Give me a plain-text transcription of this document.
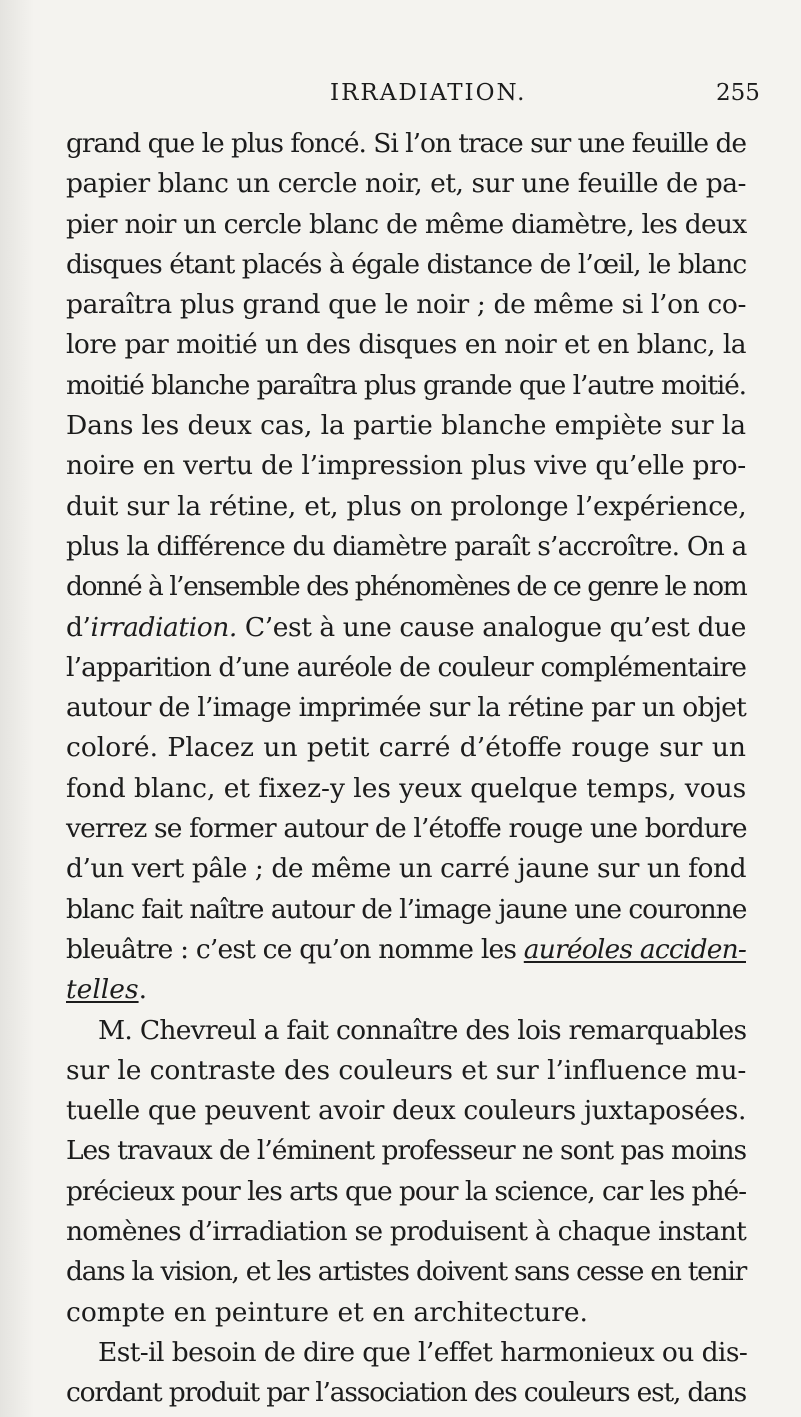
IRRADIATION.	255
grand que le plus foncé. Si l’on trace sur une feuille de
papier blanc un cercle noir, et, sur une feuille de pa-
pier noir un cercle blanc de même diamètre, les deux
disques étant placés à égale distance de l’œil, le blanc
paraîtra plus grand que le noir ; de même si l’on co-
lore par moitié un des disques en noir et en blanc, la
moitié blanche paraîtra plus grande que l’autre moitié.
Dans les deux cas, la partie blanche empiète sur la
noire en vertu de l’impression plus vive qu’elle pro-
duit sur la rétine, et, plus on prolonge l’expérience,
plus la différence du diamètre paraît s’accroître. On a
donné à l’ensemble des phénomènes de ce genre le nom
d’irradiation. C’est à une cause analogue qu’est due
l’apparition d’une auréole de couleur complémentaire
autour de l’image imprimée sur la rétine par un objet
coloré. Placez un petit carré d’étoffe rouge sur un
fond blanc, et fixez-y les yeux quelque temps, vous
verrez se former autour de l’étoffe rouge une bordure
d’un vert pâle ; de même un carré jaune sur un fond
blanc fait naître autour de l’image jaune une couronne
bleuâtre : c’est ce qu’on nomme les auréoles acciden-
telles.
M. Chevreul a fait connaître des lois remarquables
sur le contraste des couleurs et sur l’influence mu-
tuelle que peuvent avoir deux couleurs juxtaposées.
Les travaux de l’éminent professeur ne sont pas moins
précieux pour les arts que pour la science, car les phé-
nomènes d’irradiation se produisent à chaque instant
dans la vision, et les artistes doivent sans cesse en tenir
compte en peinture et en architecture.
Est-il besoin de dire que l’effet harmonieux ou dis-
cordant produit par l’association des couleurs est, dans
